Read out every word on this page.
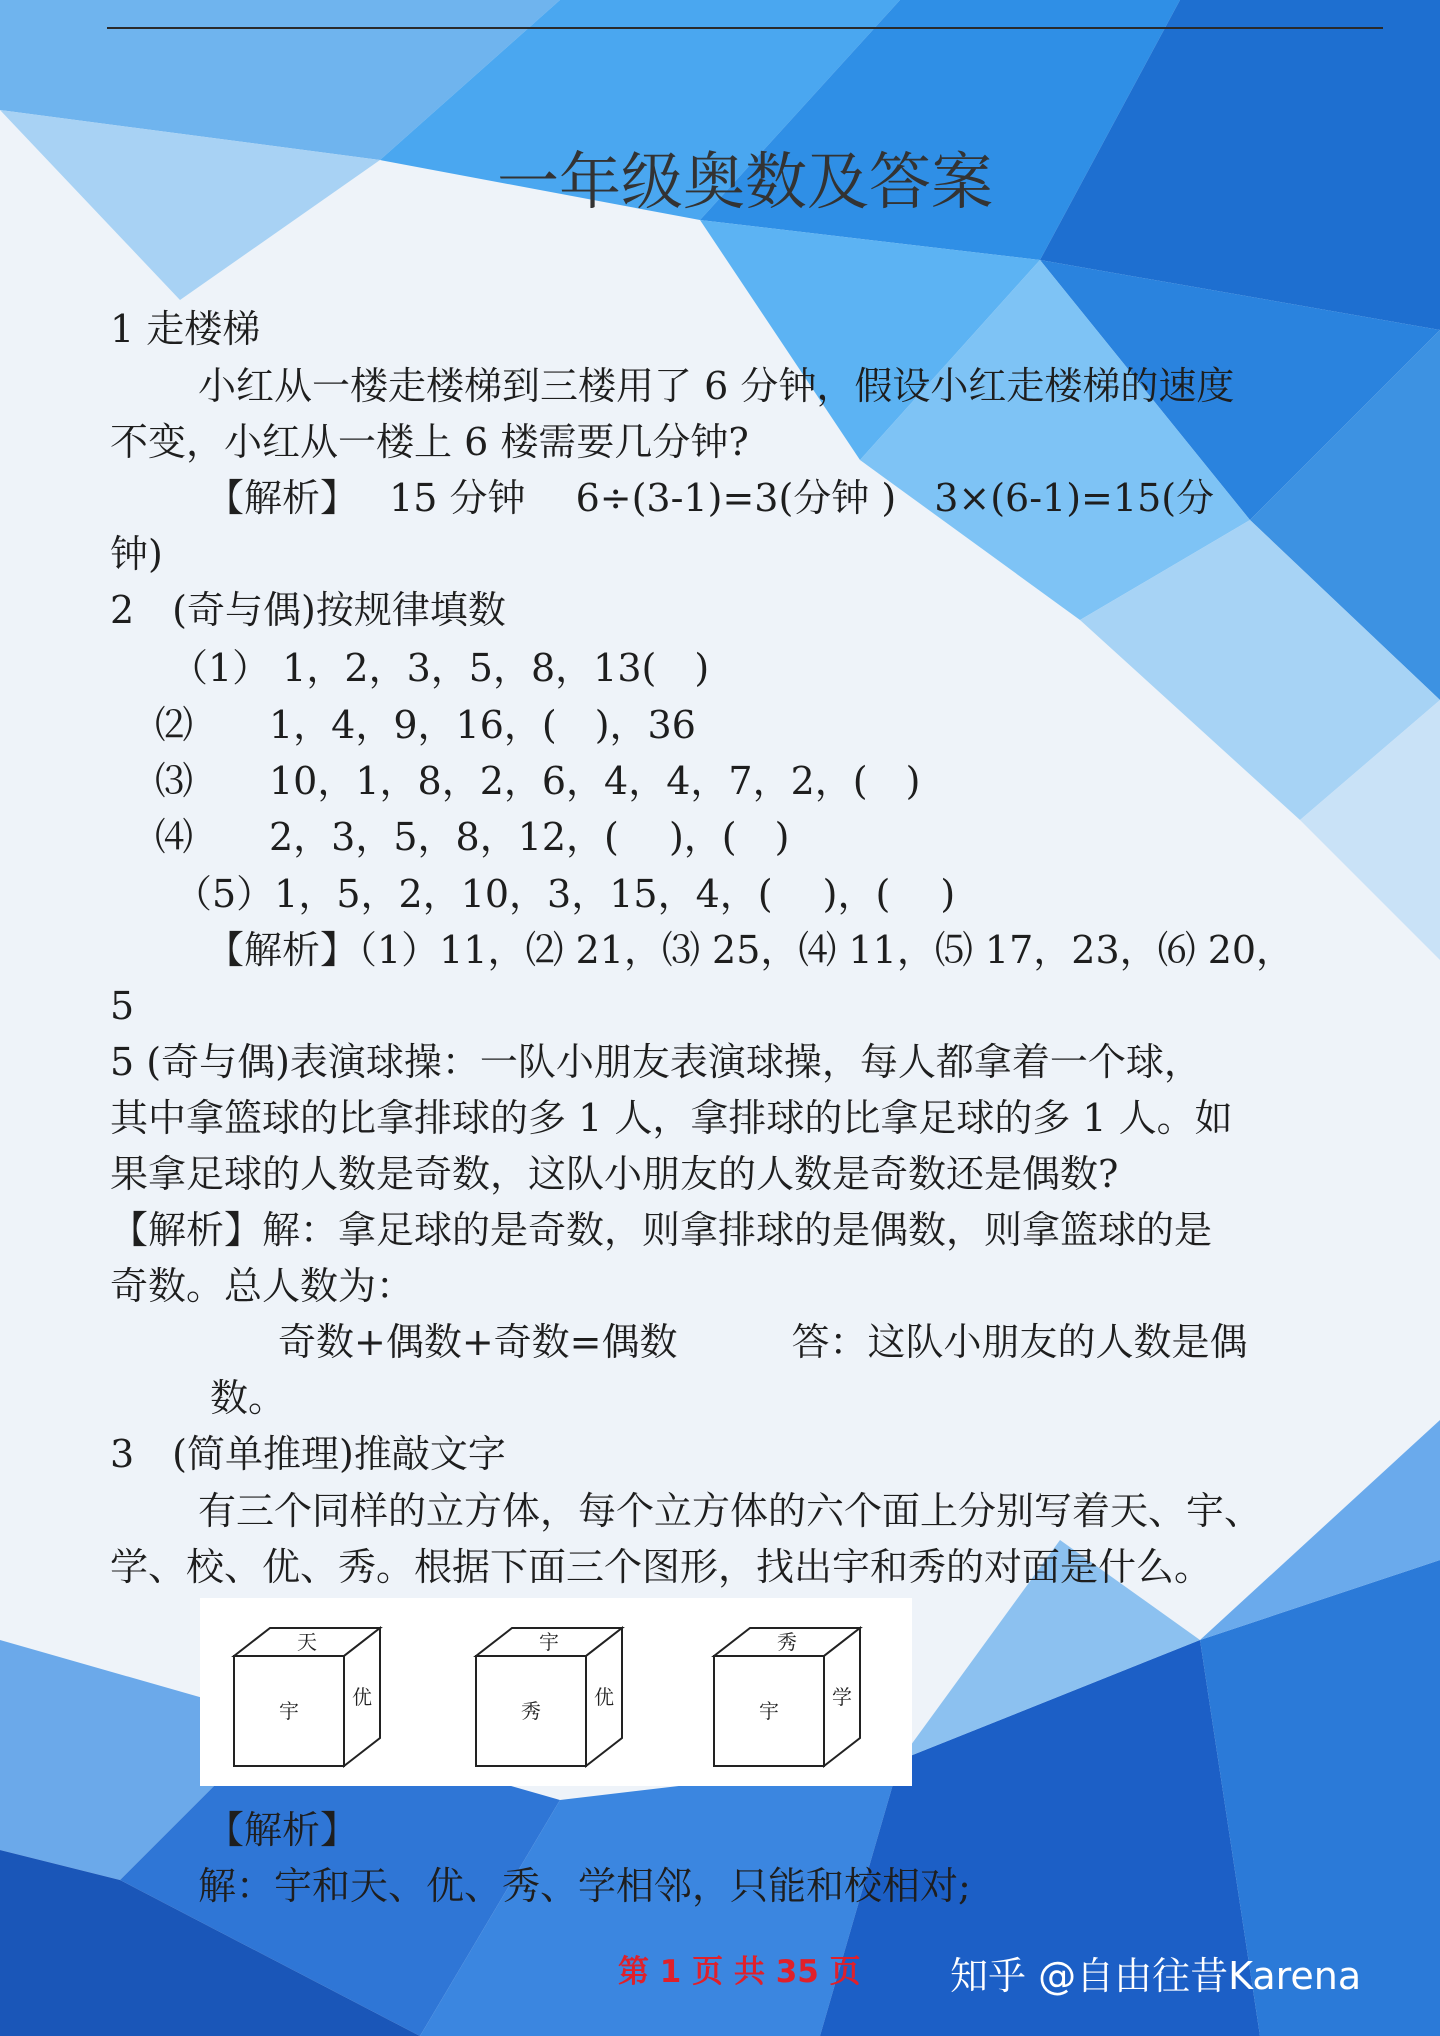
一年级奥数及答案
1 走楼梯
小红从一楼走楼梯到三楼用了 6 分钟，假设小红走楼梯的速度
不变，小红从一楼上 6 楼需要几分钟?
【解析】　 15 分钟　 6÷(3-1)=3(分钟 )　3×(6-1)=15(分
钟)
2　(奇与偶)按规律填数
（1） 1，2，3，5，8，13(　)
⑵　　1，4，9，16，(　)，36
⑶　　10，1，8，2，6，4，4，7，2，(　)
⑷　　2，3，5，8，12，(　 )，(　)
（5）1，5，2，10，3，15，4，(　 )，(　 )
【解析】（1）11，⑵ 21，⑶ 25，⑷ 11，⑸ 17，23，⑹ 20，
5
5 (奇与偶)表演球操：一队小朋友表演球操，每人都拿着一个球，
其中拿篮球的比拿排球的多 1 人，拿排球的比拿足球的多 1 人。如
果拿足球的人数是奇数，这队小朋友的人数是奇数还是偶数?
【解析】解：拿足球的是奇数，则拿排球的是偶数，则拿篮球的是
奇数。总人数为：
奇数+偶数+奇数=偶数　　　答：这队小朋友的人数是偶
数。
3　(简单推理)推敲文字
有三个同样的立方体，每个立方体的六个面上分别写着天、宇、
学、校、优、秀。根据下面三个图形，找出宇和秀的对面是什么。
天
宇
优
宇
秀
优
秀
宇
学
【解析】
解：宇和天、优、秀、学相邻，只能和校相对;
第 1 页 共 35 页 知乎 @自由往昔Karena
